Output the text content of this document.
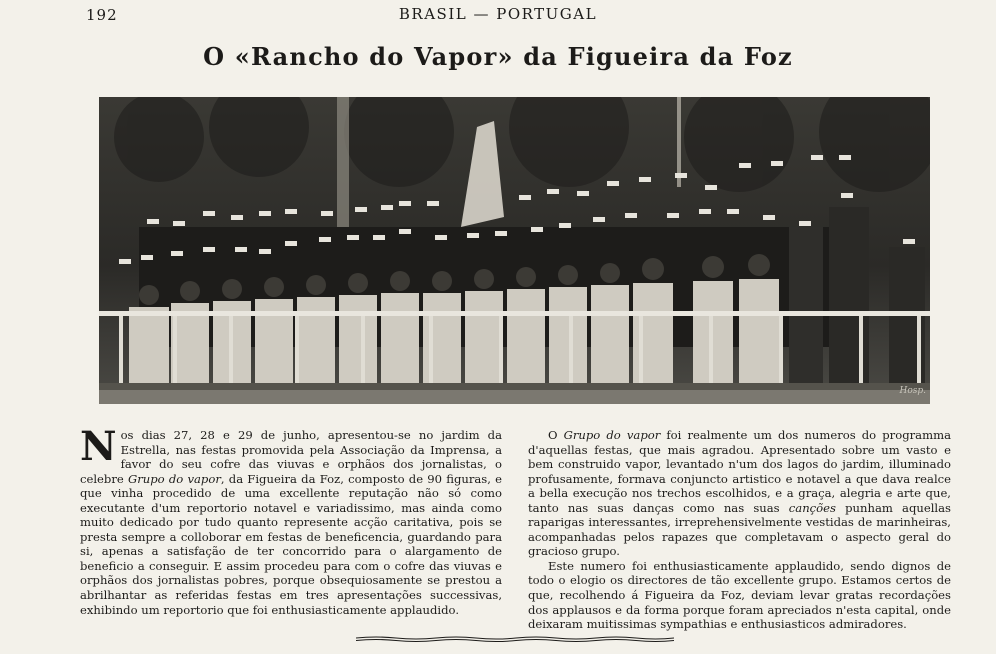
192	BRASIL — PORTUGAL
O «Rancho do Vapor» da Figueira da Foz
Hosp.

Nos dias 27, 28 e 29 de junho, apresentou-se no jardim da Estrella, nas festas promovida pela Associação da Imprensa, a favor do seu cofre das viuvas e orphãos dos jornalistas, o celebre Grupo do vapor, da Figueira da Foz, composto de 90 figuras, e que vinha procedido de uma excellente reputação não só como executante d'um reportorio notavel e variadissimo, mas ainda como muito dedicado por tudo quanto represente acção caritativa, pois se presta sempre a colloborar em festas de beneficencia, guardando para si, apenas a satisfação de ter concorrido para o alargamento de beneficio a conseguir. E assim procedeu para com o cofre das viuvas e orphãos dos jornalistas pobres, porque obsequiosamente se prestou a abrilhantar as referidas festas em tres apresentações successivas, exhibindo um reportorio que foi enthusiasticamente applaudido.

O Grupo do vapor foi realmente um dos numeros do programma d'aquellas festas, que mais agradou. Apresentado sobre um vasto e bem construido vapor, levantado n'um dos lagos do jardim, illuminado profusamente, formava conjuncto artistico e notavel a que dava realce a bella execução nos trechos escolhidos, e a graça, alegria e arte que, tanto nas suas danças como nas suas canções punham aquellas raparigas interessantes, irreprehensivelmente vestidas de marinheiras, acompanhadas pelos rapazes que completavam o aspecto geral do gracioso grupo.

Este numero foi enthusiasticamente applaudido, sendo dignos de todo o elogio os directores de tão excellente grupo. Estamos certos de que, recolhendo á Figueira da Foz, deviam levar gratas recordações dos applausos e da forma porque foram apreciados n'esta capital, onde deixaram muitissimas sympathias e enthusiasticos admiradores.
